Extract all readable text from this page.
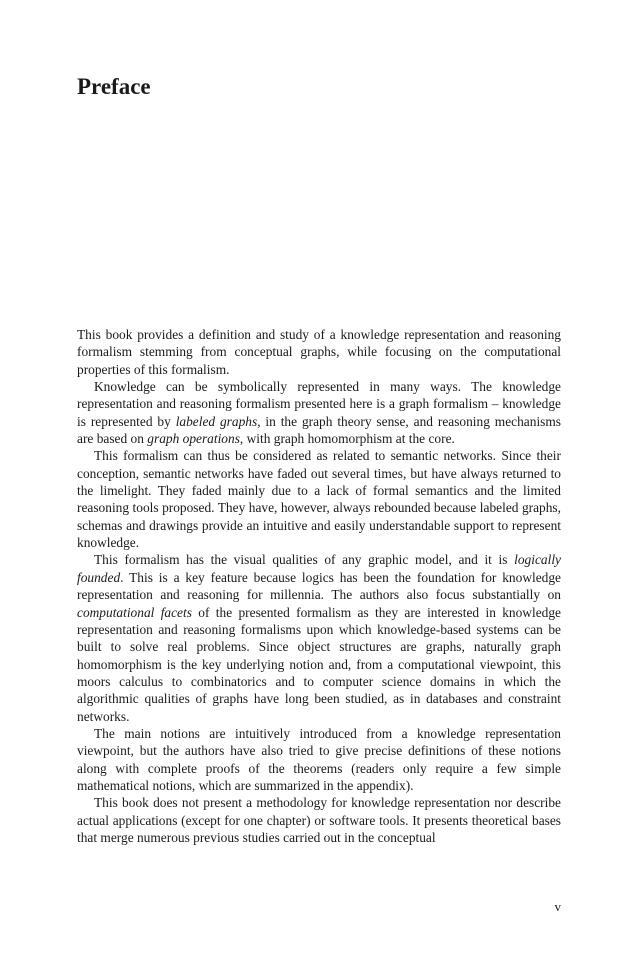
Preface

This book provides a definition and study of a knowledge representation and reasoning formalism stemming from conceptual graphs, while focusing on the computational properties of this formalism.

Knowledge can be symbolically represented in many ways. The knowledge representation and reasoning formalism presented here is a graph formalism – knowledge is represented by labeled graphs, in the graph theory sense, and reasoning mechanisms are based on graph operations, with graph homomorphism at the core.

This formalism can thus be considered as related to semantic networks. Since their conception, semantic networks have faded out several times, but have always returned to the limelight. They faded mainly due to a lack of formal semantics and the limited reasoning tools proposed. They have, however, always rebounded because labeled graphs, schemas and drawings provide an intuitive and easily understandable support to represent knowledge.

This formalism has the visual qualities of any graphic model, and it is logically founded. This is a key feature because logics has been the foundation for knowledge representation and reasoning for millennia. The authors also focus substantially on computational facets of the presented formalism as they are interested in knowledge representation and reasoning formalisms upon which knowledge-based systems can be built to solve real problems. Since object structures are graphs, naturally graph homomorphism is the key underlying notion and, from a computational viewpoint, this moors calculus to combinatorics and to computer science domains in which the algorithmic qualities of graphs have long been studied, as in databases and constraint networks.

The main notions are intuitively introduced from a knowledge representation viewpoint, but the authors have also tried to give precise definitions of these notions along with complete proofs of the theorems (readers only require a few simple mathematical notions, which are summarized in the appendix).

This book does not present a methodology for knowledge representation nor describe actual applications (except for one chapter) or software tools. It presents theoretical bases that merge numerous previous studies carried out in the conceptual

v
